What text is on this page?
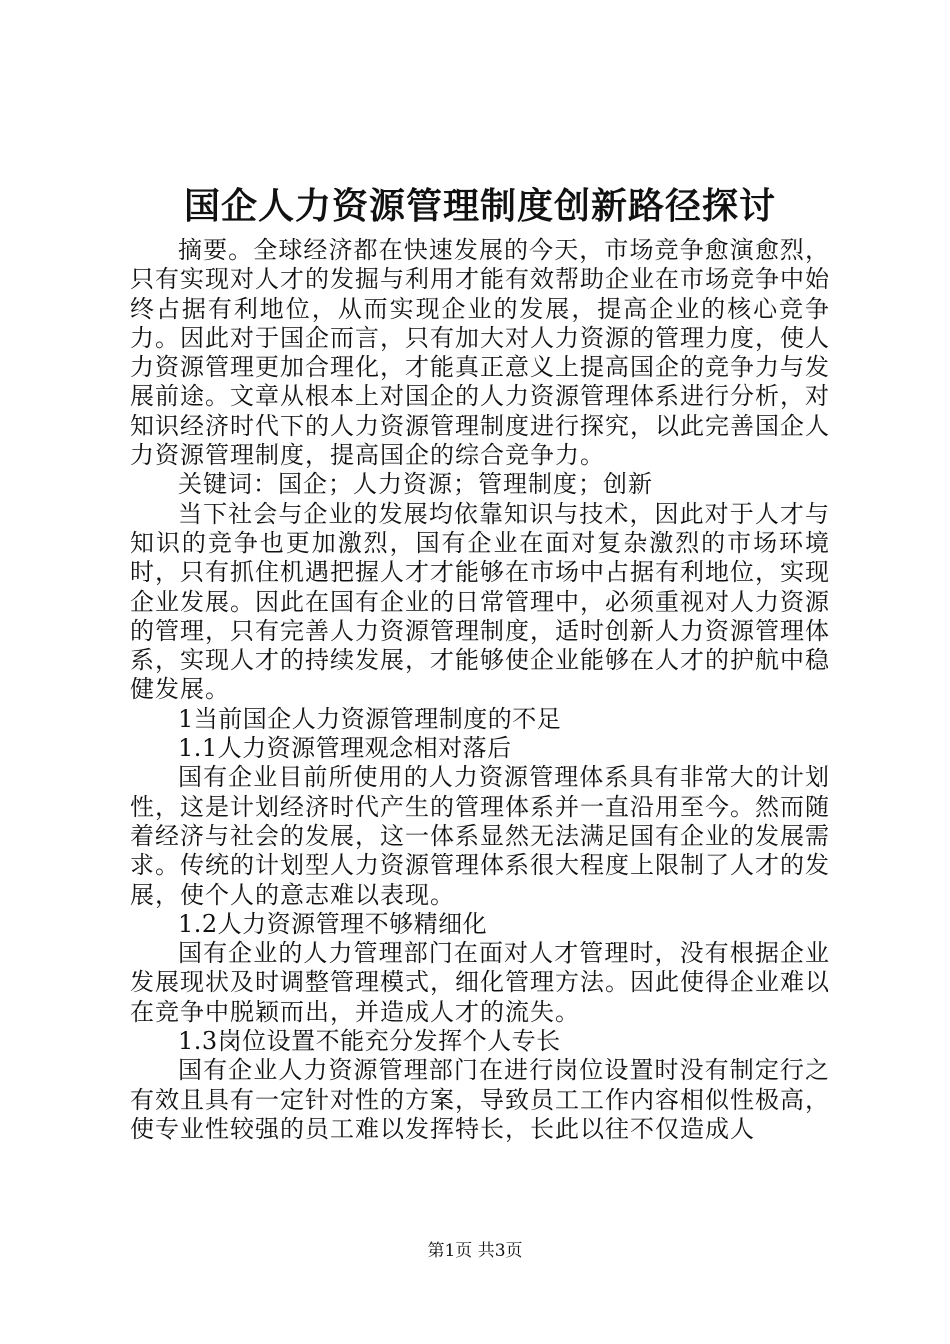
国企人力资源管理制度创新路径探讨

摘要。全球经济都在快速发展的今天，市场竞争愈演愈烈，只有实现对人才的发掘与利用才能有效帮助企业在市场竞争中始终占据有利地位，从而实现企业的发展，提高企业的核心竞争力。因此对于国企而言，只有加大对人力资源的管理力度，使人力资源管理更加合理化，才能真正意义上提高国企的竞争力与发展前途。文章从根本上对国企的人力资源管理体系进行分析，对知识经济时代下的人力资源管理制度进行探究，以此完善国企人力资源管理制度，提高国企的综合竞争力。

关键词：国企；人力资源；管理制度；创新

当下社会与企业的发展均依靠知识与技术，因此对于人才与知识的竞争也更加激烈，国有企业在面对复杂激烈的市场环境时，只有抓住机遇把握人才才能够在市场中占据有利地位，实现企业发展。因此在国有企业的日常管理中，必须重视对人力资源的管理，只有完善人力资源管理制度，适时创新人力资源管理体系，实现人才的持续发展，才能够使企业能够在人才的护航中稳健发展。

1当前国企人力资源管理制度的不足

1.1人力资源管理观念相对落后

国有企业目前所使用的人力资源管理体系具有非常大的计划性，这是计划经济时代产生的管理体系并一直沿用至今。然而随着经济与社会的发展，这一体系显然无法满足国有企业的发展需求。传统的计划型人力资源管理体系很大程度上限制了人才的发展，使个人的意志难以表现。

1.2人力资源管理不够精细化

国有企业的人力管理部门在面对人才管理时，没有根据企业发展现状及时调整管理模式，细化管理方法。因此使得企业难以在竞争中脱颖而出，并造成人才的流失。

1.3岗位设置不能充分发挥个人专长

国有企业人力资源管理部门在进行岗位设置时没有制定行之有效且具有一定针对性的方案，导致员工工作内容相似性极高，使专业性较强的员工难以发挥特长，长此以往不仅造成人

第1页 共3页
